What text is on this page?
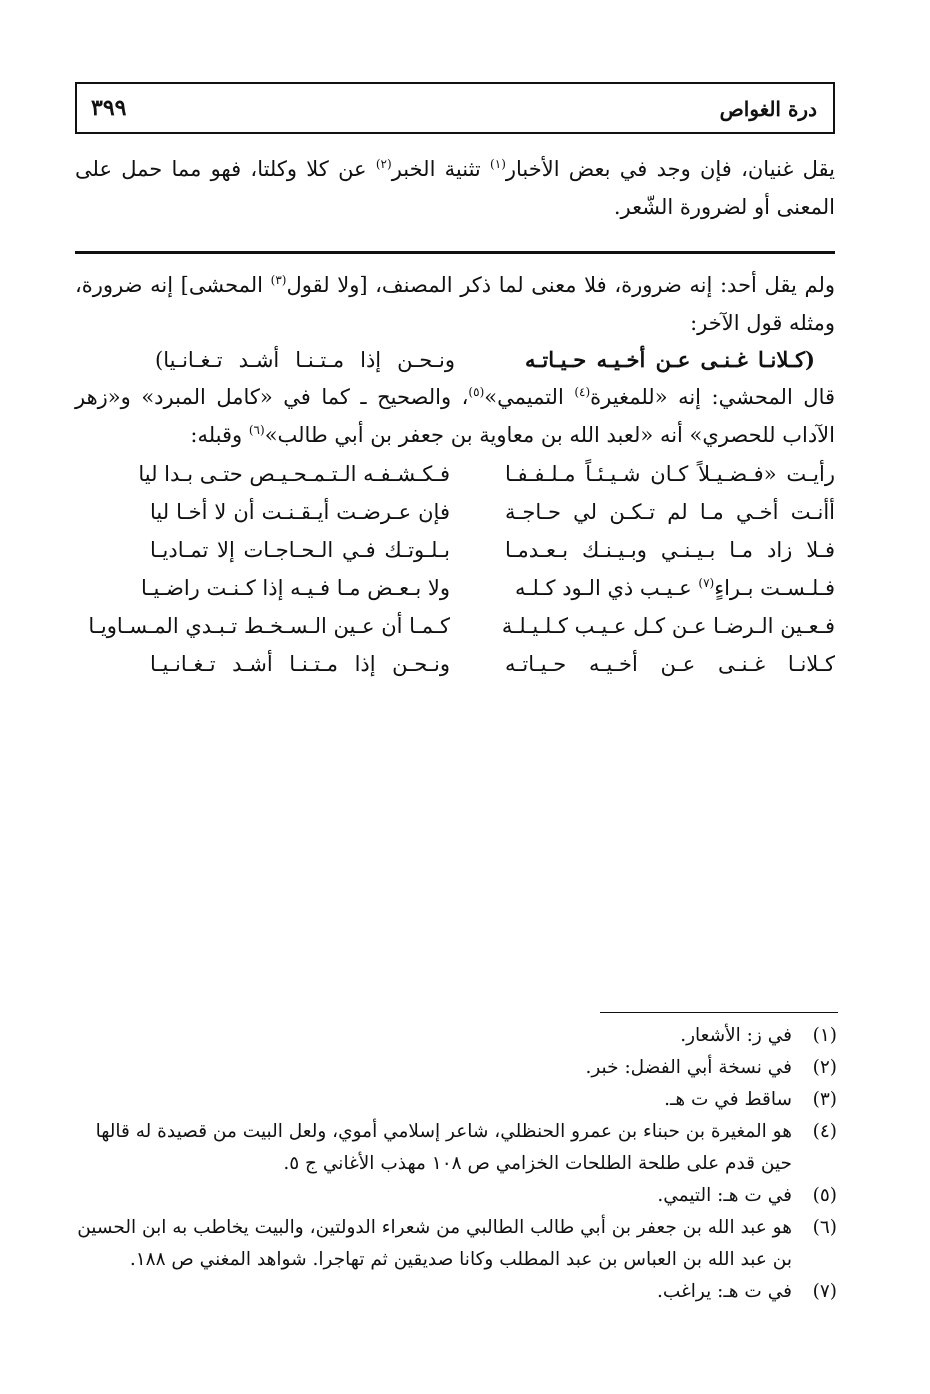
درة الغواص
٣٩٩
يقل غنيان، فإن وجد في بعض الأخبار$^{(١)}$ تثنية الخبر$^{(٢)}$ عن كلا وكلتا، فهو مما حمل على المعنى أو لضرورة الشّعر.
ولم يقل أحد: إنه ضرورة، فلا معنى لما ذكر المصنف، [ولا لقول$^{(٣)}$ المحشى] إنه ضرورة، ومثله قول الآخر:
(كـلانـا غـنـى عـن أخـيـه حـيـاتـه
ونـحـن إذا مـتـنـا أشـد تـغـانـيا)
قال المحشي: إنه «للمغيرة$^{(٤)}$ التميمي»$^{(٥)}$، والصحيح ـ كما في «كامل المبرد» و«زهر الآداب للحصري» أنه «لعبد الله بن معاوية بن جعفر بن أبي طالب»$^{(٦)}$ وقبله:
رأيـت «فـضـيـلاً كـان شـيـئـاً مـلـفـفـا
فـكـشـفـه الـتـمـحـيـص حتـى بـدا ليا
أأنـت أخـي مـا لم تـكـن لي حـاجـة
فإن عـرضـت أيـقـنـت أن لا أخـا ليا
فـلا زاد مـا بـيـنـي وبـيـنـك بـعـدمـا
بـلـوتـك فـي الـحـاجـات إلا تمـاديـا
فـلـسـت بـراءٍ$^{(٧)}$ عـيـب ذي الـود كـلـه
ولا بـعـض مـا فـيـه إذا كـنـت راضـيـا
فـعـين الـرضـا عـن كـل عـيـب كـلـيـلـة
كـمـا أن عـين الـسـخـط تـبـدي المـسـاويـا
كـلانـا غـنـى عـن أخـيـه حـيـاتـه
ونـحـن إذا مـتـنـا أشـد تـغـانـيـا
(١)
في ز: الأشعار.
(٢)
في نسخة أبي الفضل: خبر.
(٣)
ساقط في ت هـ.
(٤)
هو المغيرة بن حبناء بن عمرو الحنظلي، شاعر إسلامي أموي، ولعل البيت من قصيدة له قالها حين قدم على طلحة الطلحات الخزامي ص ١٠٨ مهذب الأغاني ج ٥.
(٥)
في ت هـ: التيمي.
(٦)
هو عبد الله بن جعفر بن أبي طالب الطالبي من شعراء الدولتين، والبيت يخاطب به ابن الحسين بن عبد الله بن العباس بن عبد المطلب وكانا صديقين ثم تهاجرا. شواهد المغني ص ١٨٨.
(٧)
في ت هـ: يراغب.
